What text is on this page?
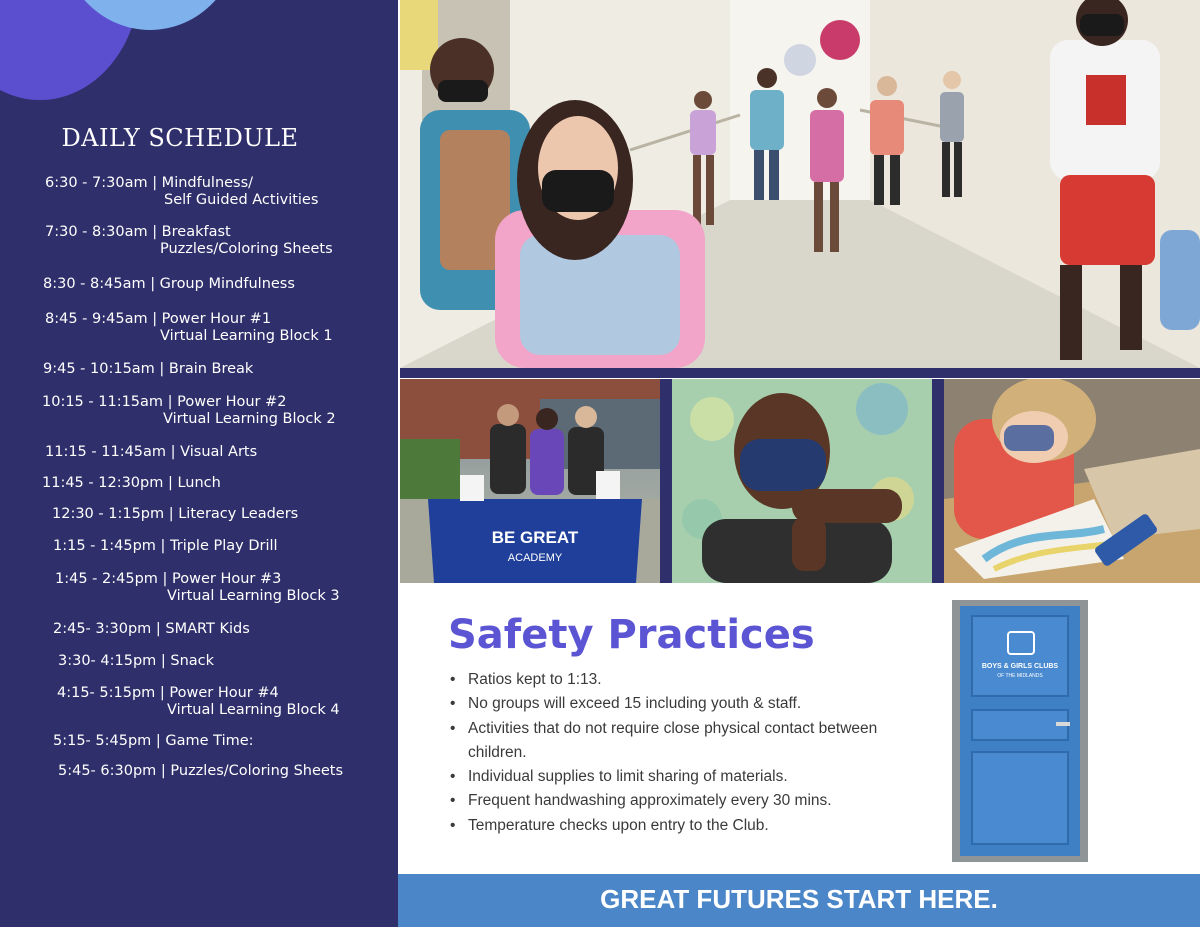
DAILY SCHEDULE
6:30 - 7:30am | Mindfulness/
Self Guided Activities
7:30 - 8:30am | Breakfast
Puzzles/Coloring Sheets
8:30 - 8:45am | Group Mindfulness
8:45 - 9:45am | Power Hour #1
Virtual Learning Block 1
9:45 - 10:15am | Brain Break
10:15 - 11:15am | Power Hour #2
Virtual Learning Block 2
11:15 - 11:45am | Visual Arts
11:45 - 12:30pm | Lunch
12:30 - 1:15pm | Literacy Leaders
1:15 - 1:45pm | Triple Play Drill
1:45 - 2:45pm | Power Hour #3
Virtual Learning Block 3
2:45- 3:30pm | SMART Kids
3:30- 4:15pm | Snack
4:15- 5:15pm | Power Hour #4
Virtual Learning Block 4
5:15- 5:45pm | Game Time:
5:45- 6:30pm | Puzzles/Coloring Sheets
BE GREAT
ACADEMY
Safety Practices
• Ratios kept to 1:13.
• No groups will exceed 15 including youth & staff.
• Activities that do not require close physical contact between children.
• Individual supplies to limit sharing of materials.
• Frequent handwashing approximately every 30 mins.
• Temperature checks upon entry to the Club.
BOYS & GIRLS CLUBS
OF THE MIDLANDS
GREAT FUTURES START HERE.
